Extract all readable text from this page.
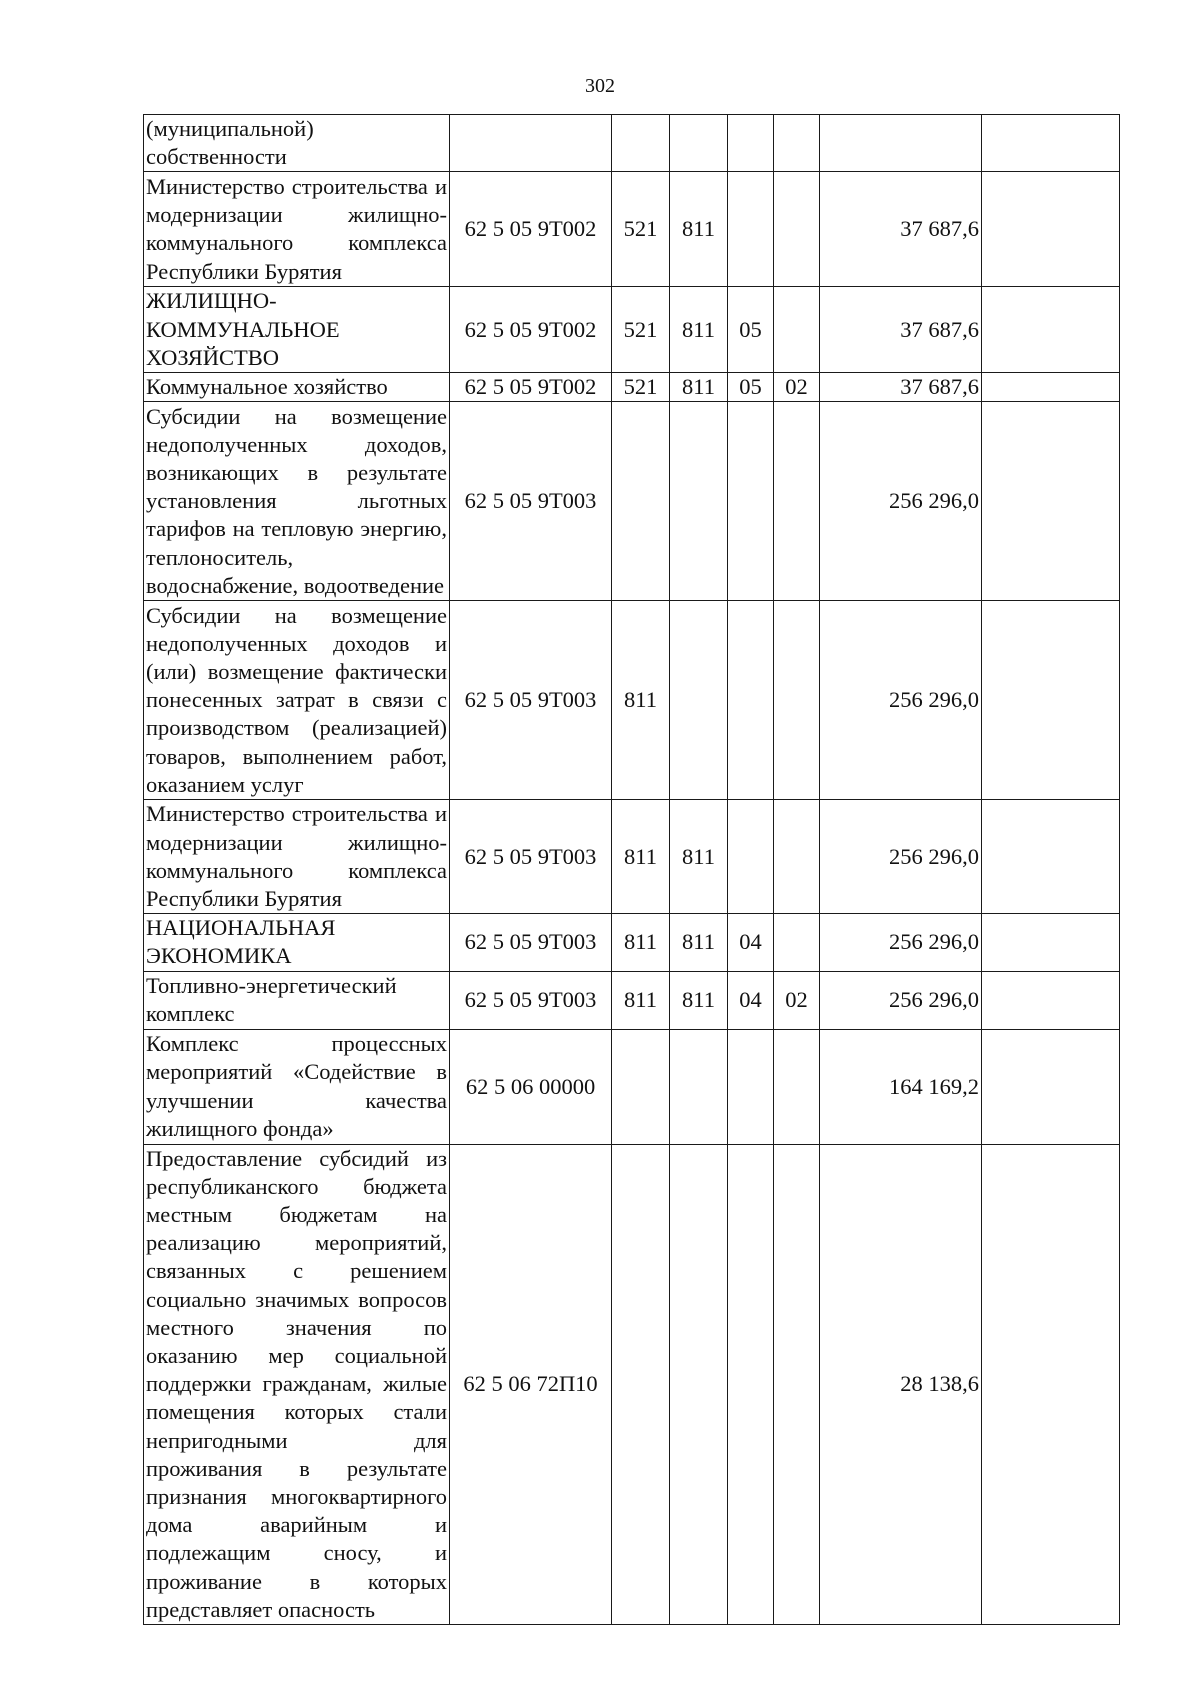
302
(муниципальной) собственности							
Министерство строительства и модернизации жилищно-коммунального комплекса Республики Бурятия	62 5 05 9Т002	521	811			37 687,6	
ЖИЛИЩНО-КОММУНАЛЬНОЕ ХОЗЯЙСТВО	62 5 05 9Т002	521	811	05		37 687,6	
Коммунальное хозяйство	62 5 05 9Т002	521	811	05	02	37 687,6	
Субсидии на возмещение недополученных доходов, возникающих в результате установления льготных тарифов на тепловую энергию, теплоноситель, водоснабжение, водоотведение	62 5 05 9Т003					256 296,0	
Субсидии на возмещение недополученных доходов и (или) возмещение фактически понесенных затрат в связи с производством (реализацией) товаров, выполнением работ, оказанием услуг	62 5 05 9Т003	811				256 296,0	
Министерство строительства и модернизации жилищно-коммунального комплекса Республики Бурятия	62 5 05 9Т003	811	811			256 296,0	
НАЦИОНАЛЬНАЯ ЭКОНОМИКА	62 5 05 9Т003	811	811	04		256 296,0	
Топливно-энергетический комплекс	62 5 05 9Т003	811	811	04	02	256 296,0	
Комплекс процессных мероприятий «Содействие в улучшении качества жилищного фонда»	62 5 06 00000					164 169,2	
Предоставление субсидий из республиканского бюджета местным бюджетам на реализацию мероприятий, связанных с решением социально значимых вопросов местного значения по оказанию мер социальной поддержки гражданам, жилые помещения которых стали непригодными для проживания в результате признания многоквартирного дома аварийным и подлежащим сносу, и проживание в которых представляет опасность	62 5 06 72П10					28 138,6	
